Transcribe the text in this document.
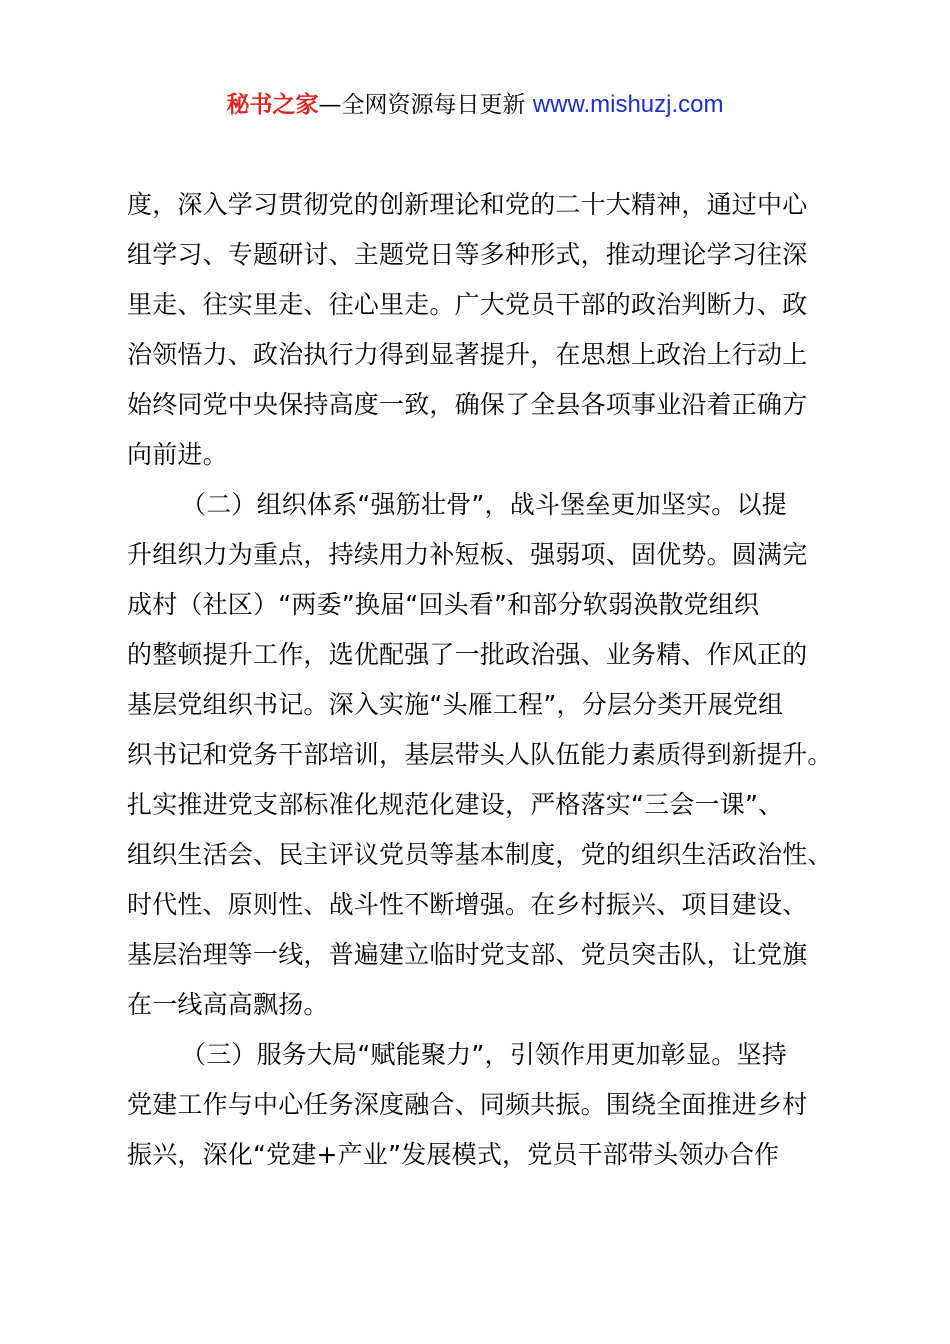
秘书之家—全网资源每日更新 www.mishuzj.com
度，深入学习贯彻党的创新理论和党的二十大精神，通过中心
组学习、专题研讨、主题党日等多种形式，推动理论学习往深
里走、往实里走、往心里走。广大党员干部的政治判断力、政
治领悟力、政治执行力得到显著提升，在思想上政治上行动上
始终同党中央保持高度一致，确保了全县各项事业沿着正确方
向前进。
（二）组织体系“强筋壮骨”，战斗堡垒更加坚实。以提
升组织力为重点，持续用力补短板、强弱项、固优势。圆满完
成村（社区）“两委”换届“回头看”和部分软弱涣散党组织
的整顿提升工作，选优配强了一批政治强、业务精、作风正的
基层党组织书记。深入实施“头雁工程”，分层分类开展党组
织书记和党务干部培训，基层带头人队伍能力素质得到新提升。
扎实推进党支部标准化规范化建设，严格落实“三会一课”、
组织生活会、民主评议党员等基本制度，党的组织生活政治性、
时代性、原则性、战斗性不断增强。在乡村振兴、项目建设、
基层治理等一线，普遍建立临时党支部、党员突击队，让党旗
在一线高高飘扬。
（三）服务大局“赋能聚力”，引领作用更加彰显。坚持
党建工作与中心任务深度融合、同频共振。围绕全面推进乡村
振兴，深化“党建+产业”发展模式，党员干部带头领办合作
